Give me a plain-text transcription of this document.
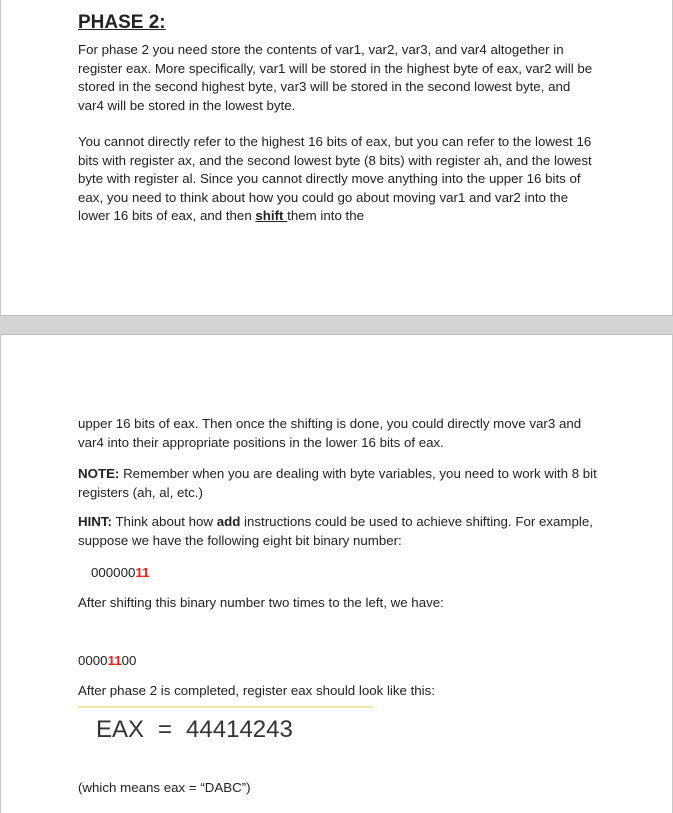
PHASE 2:

For phase 2 you need store the contents of var1, var2, var3, and var4 altogether in register eax. More specifically, var1 will be stored in the highest byte of eax, var2 will be stored in the second highest byte, var3 will be stored in the second lowest byte, and var4 will be stored in the lowest byte.

You cannot directly refer to the highest 16 bits of eax, but you can refer to the lowest 16 bits with register ax, and the second lowest byte (8 bits) with register ah, and the lowest byte with register al. Since you cannot directly move anything into the upper 16 bits of eax, you need to think about how you could go about moving var1 and var2 into the lower 16 bits of eax, and then shift them into the

upper 16 bits of eax. Then once the shifting is done, you could directly move var3 and var4 into their appropriate positions in the lower 16 bits of eax.

NOTE: Remember when you are dealing with byte variables, you need to work with 8 bit registers (ah, al, etc.)

HINT: Think about how add instructions could be used to achieve shifting. For example, suppose we have the following eight bit binary number:

00000011

After shifting this binary number two times to the left, we have:

00001100

After phase 2 is completed, register eax should look like this:

EAX = 44414243

(which means eax = “DABC”)
